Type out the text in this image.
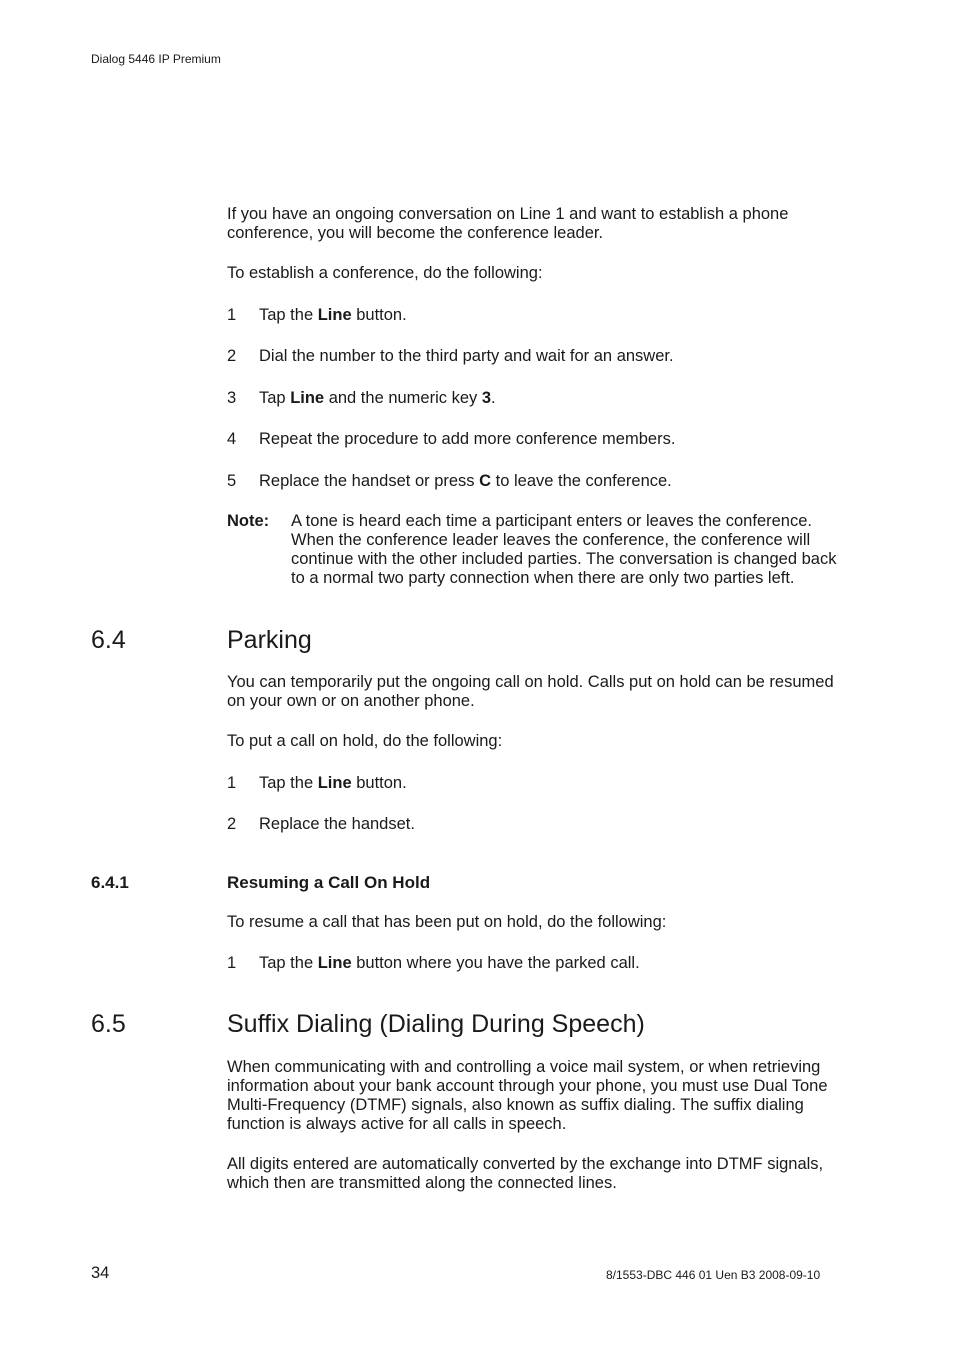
Dialog 5446 IP Premium
If you have an ongoing conversation on Line 1 and want to establish a phone conference, you will become the conference leader.
To establish a conference, do the following:
1 Tap the Line button.
2 Dial the number to the third party and wait for an answer.
3 Tap Line and the numeric key 3.
4 Repeat the procedure to add more conference members.
5 Replace the handset or press C to leave the conference.
Note: A tone is heard each time a participant enters or leaves the conference. When the conference leader leaves the conference, the conference will continue with the other included parties. The conversation is changed back to a normal two party connection when there are only two parties left.
6.4	Parking
You can temporarily put the ongoing call on hold. Calls put on hold can be resumed on your own or on another phone.
To put a call on hold, do the following:
1 Tap the Line button.
2 Replace the handset.
6.4.1	Resuming a Call On Hold
To resume a call that has been put on hold, do the following:
1 Tap the Line button where you have the parked call.
6.5	Suffix Dialing (Dialing During Speech)
When communicating with and controlling a voice mail system, or when retrieving information about your bank account through your phone, you must use Dual Tone Multi-Frequency (DTMF) signals, also known as suffix dialing. The suffix dialing function is always active for all calls in speech.
All digits entered are automatically converted by the exchange into DTMF signals, which then are transmitted along the connected lines.
34	8/1553-DBC 446 01 Uen B3 2008-09-10
